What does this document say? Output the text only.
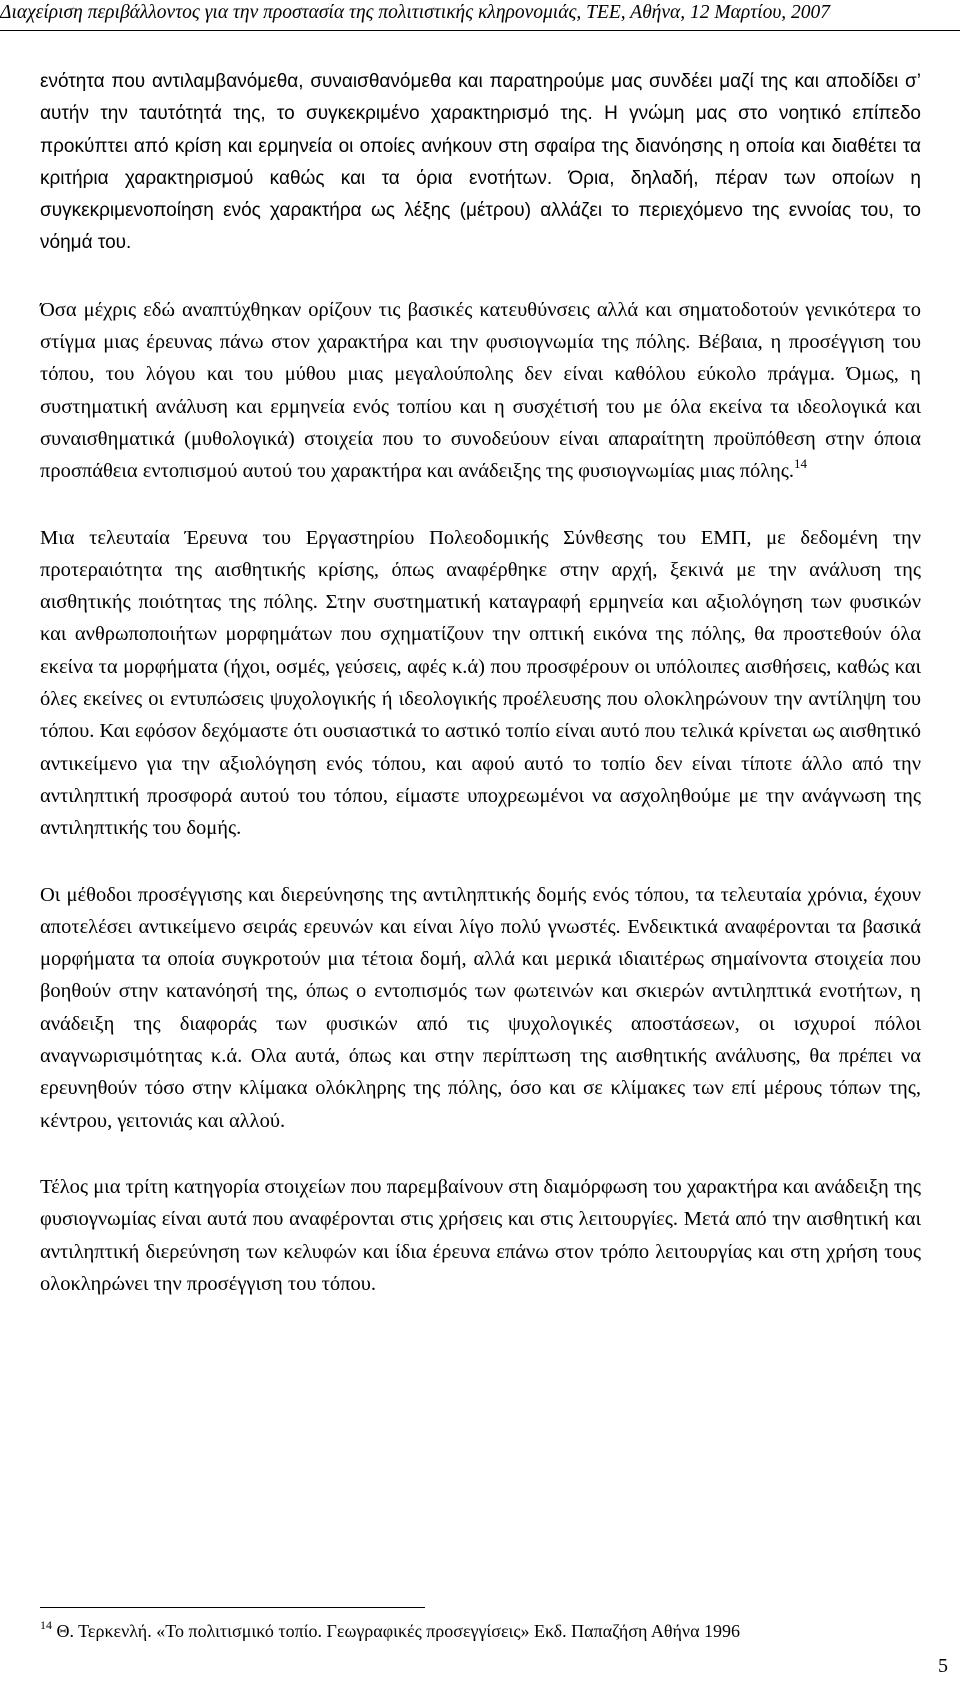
Διαχείριση περιβάλλοντος για την προστασία της πολιτιστικής κληρονομιάς, ΤΕΕ, Αθήνα, 12 Μαρτίου, 2007

ενότητα που αντιλαμβανόμεθα, συναισθανόμεθα και παρατηρούμε μας συνδέει μαζί της και αποδίδει σ’ αυτήν την ταυτότητά της, το συγκεκριμένο χαρακτηρισμό της. Η γνώμη μας στο νοητικό επίπεδο προκύπτει από κρίση και ερμηνεία οι οποίες ανήκουν στη σφαίρα της διανόησης η οποία και διαθέτει τα κριτήρια χαρακτηρισμού καθώς και τα όρια ενοτήτων. Όρια, δηλαδή, πέραν των οποίων η συγκεκριμενοποίηση ενός χαρακτήρα ως λέξης (μέτρου) αλλάζει το περιεχόμενο της εννοίας του, το νόημά του.

Όσα μέχρις εδώ αναπτύχθηκαν ορίζουν τις βασικές κατευθύνσεις αλλά και σηματοδοτούν γενικότερα το στίγμα μιας έρευνας πάνω στον χαρακτήρα και την φυσιογνωμία της πόλης. Βέβαια, η προσέγγιση του τόπου, του λόγου και του μύθου μιας μεγαλούπολης δεν είναι καθόλου εύκολο πράγμα. Όμως, η συστηματική ανάλυση και ερμηνεία ενός τοπίου και η συσχέτισή του με όλα εκείνα τα ιδεολογικά και συναισθηματικά (μυθολογικά) στοιχεία που το συνοδεύουν είναι απαραίτητη προϋπόθεση στην όποια προσπάθεια εντοπισμού αυτού του χαρακτήρα και ανάδειξης της φυσιογνωμίας μιας πόλης.$^{14}$

Μια τελευταία Έρευνα του Εργαστηρίου Πολεοδομικής Σύνθεσης του ΕΜΠ, με δεδομένη την προτεραιότητα της αισθητικής κρίσης, όπως αναφέρθηκε στην αρχή, ξεκινά με την ανάλυση της αισθητικής ποιότητας της πόλης. Στην συστηματική καταγραφή ερμηνεία και αξιολόγηση των φυσικών και ανθρωποποιήτων μορφημάτων που σχηματίζουν την οπτική εικόνα της πόλης, θα προστεθούν όλα εκείνα τα μορφήματα (ήχοι, οσμές, γεύσεις, αφές κ.ά) που προσφέρουν οι υπόλοιπες αισθήσεις, καθώς και όλες εκείνες οι εντυπώσεις ψυχολογικής ή ιδεολογικής προέλευσης που ολοκληρώνουν την αντίληψη του τόπου. Και εφόσον δεχόμαστε ότι ουσιαστικά το αστικό τοπίο είναι αυτό που τελικά κρίνεται ως αισθητικό αντικείμενο για την αξιολόγηση ενός τόπου, και αφού αυτό το τοπίο δεν είναι τίποτε άλλο από την αντιληπτική προσφορά αυτού του τόπου, είμαστε υποχρεωμένοι να ασχοληθούμε με την ανάγνωση της αντιληπτικής του δομής.

Οι μέθοδοι προσέγγισης και διερεύνησης της αντιληπτικής δομής ενός τόπου, τα τελευταία χρόνια, έχουν αποτελέσει αντικείμενο σειράς ερευνών και είναι λίγο πολύ γνωστές. Ενδεικτικά αναφέρονται τα βασικά μορφήματα τα οποία συγκροτούν μια τέτοια δομή, αλλά και μερικά ιδιαιτέρως σημαίνοντα στοιχεία που βοηθούν στην κατανόησή της, όπως ο εντοπισμός των φωτεινών και σκιερών αντιληπτικά ενοτήτων, η ανάδειξη της διαφοράς των φυσικών από τις ψυχολογικές αποστάσεων, οι ισχυροί πόλοι αναγνωρισιμότητας κ.ά. Ολα αυτά, όπως και στην περίπτωση της αισθητικής ανάλυσης, θα πρέπει να ερευνηθούν τόσο στην κλίμακα ολόκληρης της πόλης, όσο και σε κλίμακες των επί μέρους τόπων της, κέντρου, γειτονιάς και αλλού.

Τέλος μια τρίτη κατηγορία στοιχείων που παρεμβαίνουν στη διαμόρφωση του χαρακτήρα και ανάδειξη της φυσιογνωμίας είναι αυτά που αναφέρονται στις χρήσεις και στις λειτουργίες. Μετά από την αισθητική και αντιληπτική διερεύνηση των κελυφών και ίδια έρευνα επάνω στον τρόπο λειτουργίας και στη χρήση τους ολοκληρώνει την προσέγγιση του τόπου.

$^{14}$ Θ. Τερκενλή. «Το πολιτισμικό τοπίο. Γεωγραφικές προσεγγίσεις» Εκδ. Παπαζήση Αθήνα 1996
5
